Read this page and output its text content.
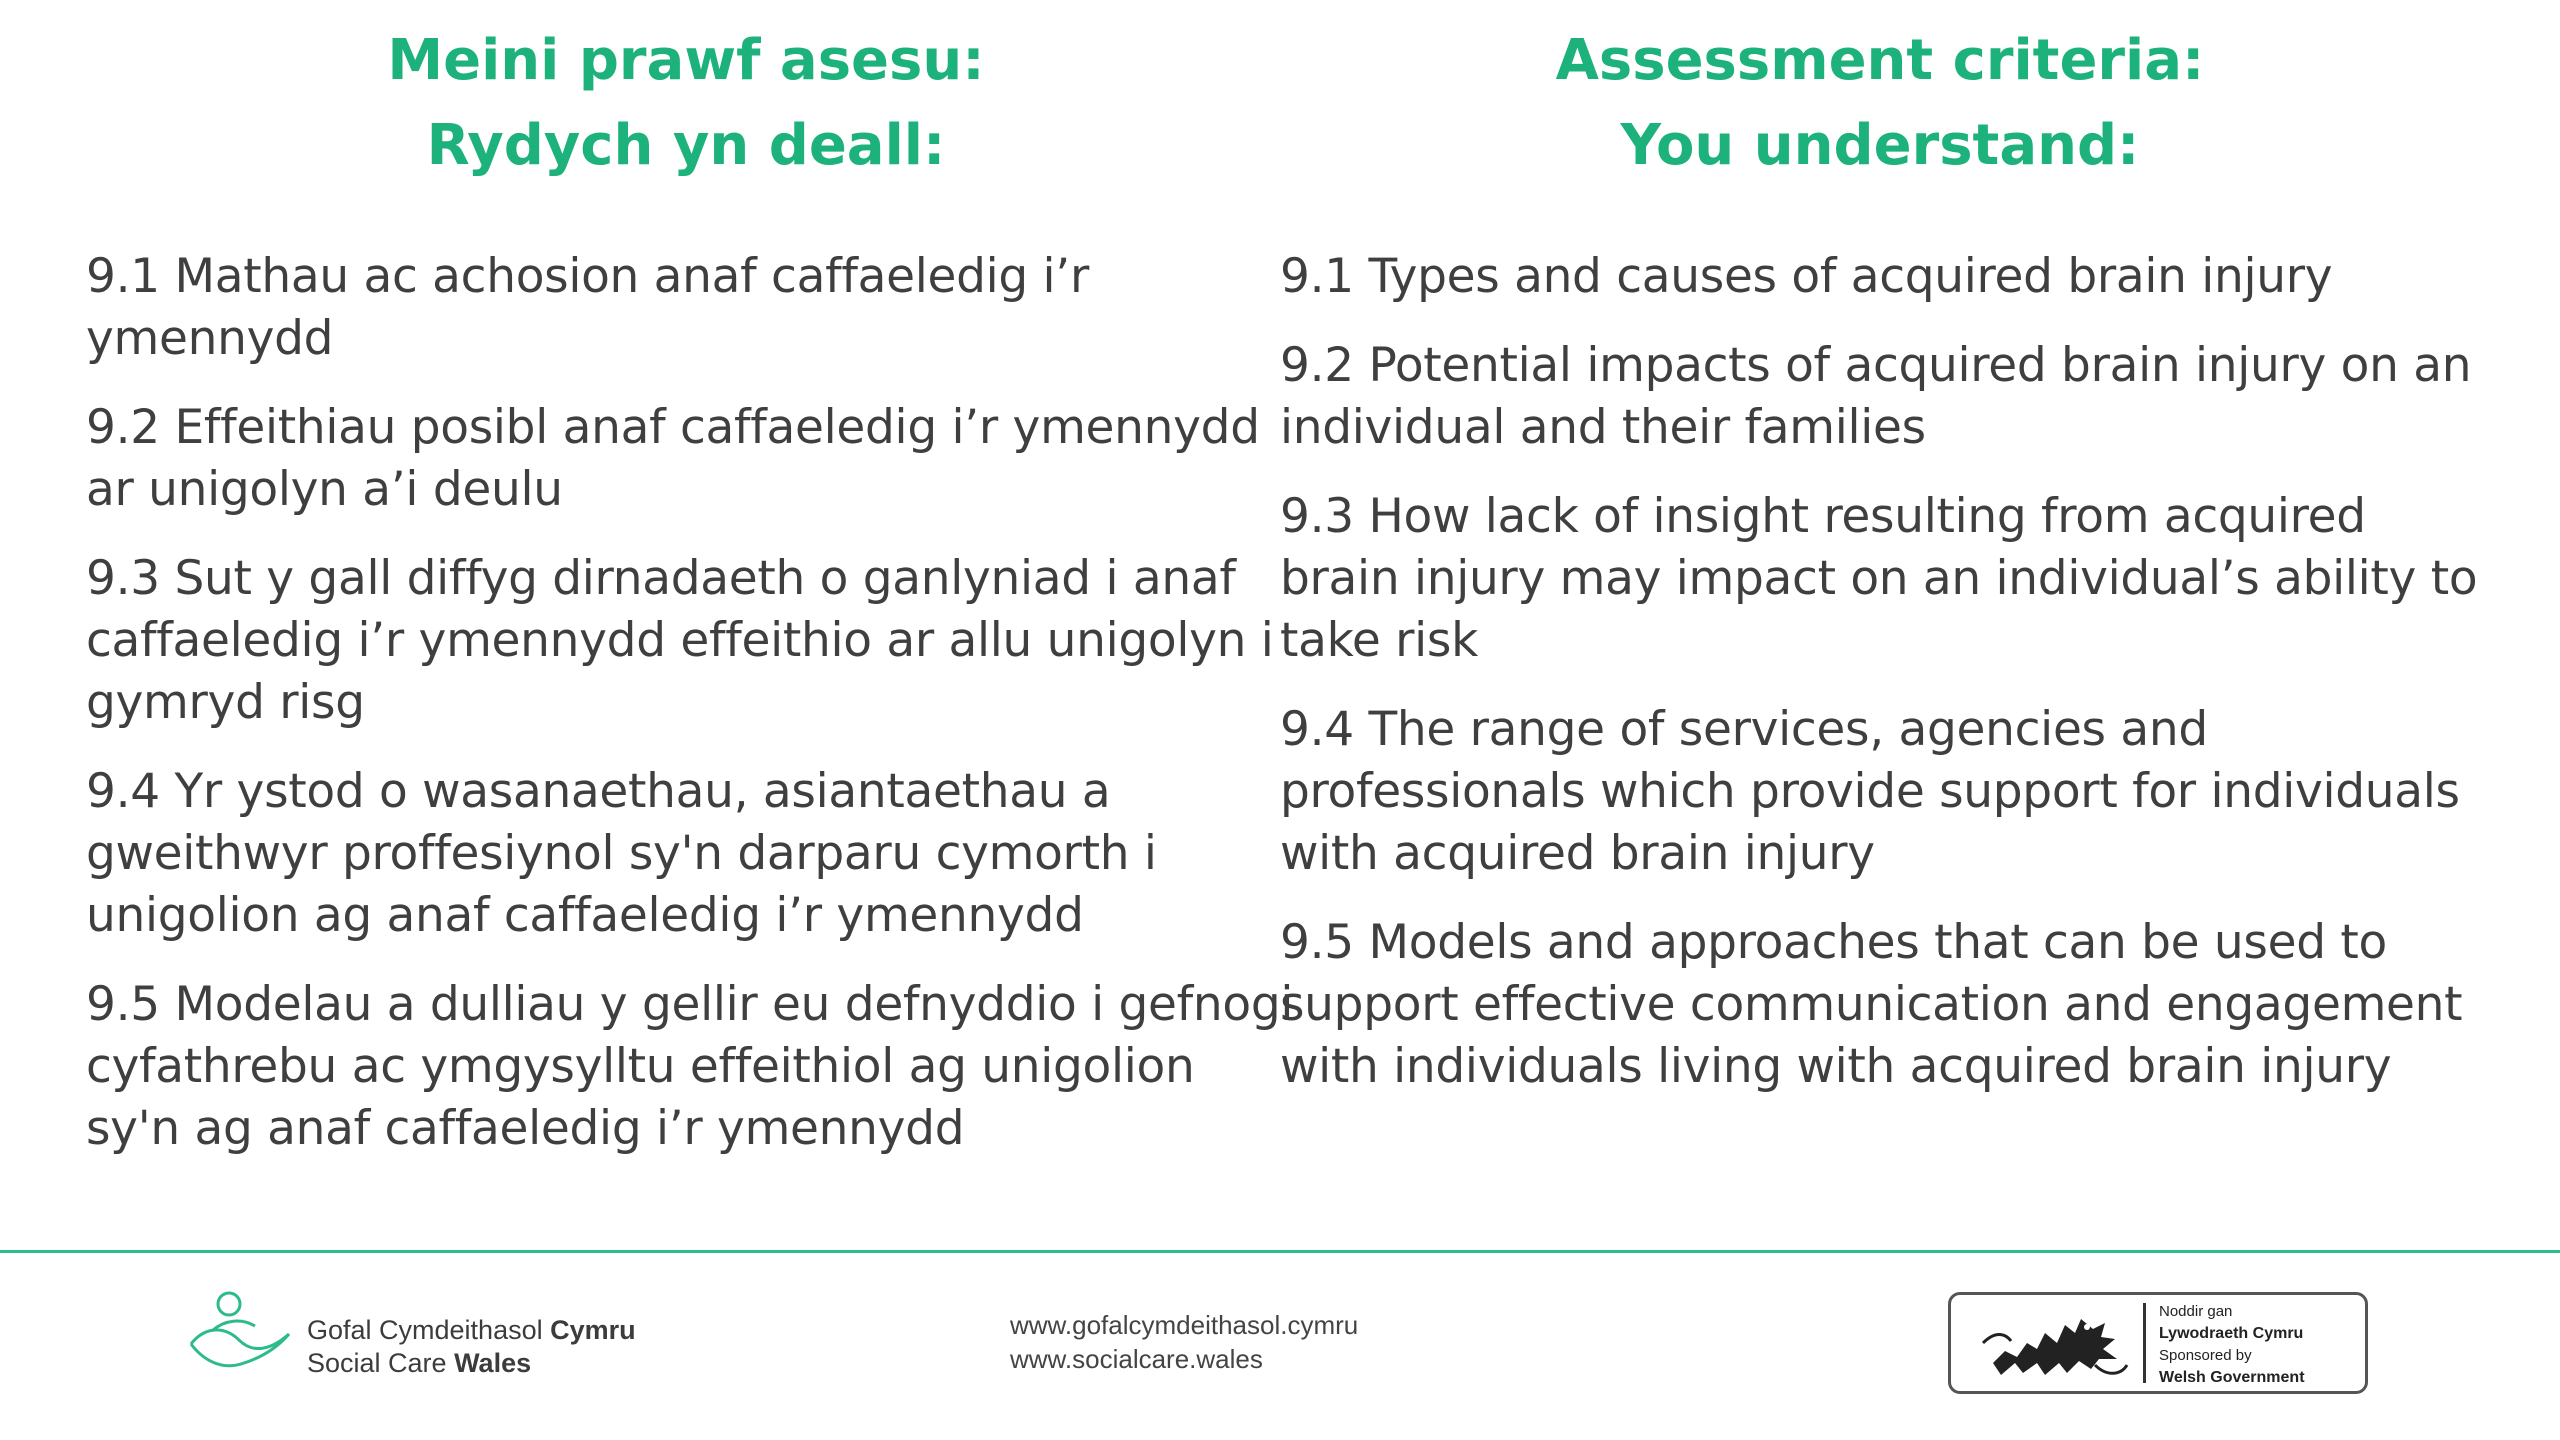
Meini prawf asesu:
Rydych yn deall:

9.1 Mathau ac achosion anaf caffaeledig i’r ymennydd

9.2 Effeithiau posibl anaf caffaeledig i’r ymennydd ar unigolyn a’i deulu

9.3 Sut y gall diffyg dirnadaeth o ganlyniad i anaf caffaeledig i’r ymennydd effeithio ar allu unigolyn i gymryd risg

9.4 Yr ystod o wasanaethau, asiantaethau a gweithwyr proffesiynol sy'n darparu cymorth i unigolion ag anaf caffaeledig i’r ymennydd

9.5 Modelau a dulliau y gellir eu defnyddio i gefnogi cyfathrebu ac ymgysylltu effeithiol ag unigolion sy'n ag anaf caffaeledig i’r ymennydd

Assessment criteria:
You understand:

9.1 Types and causes of acquired brain injury

9.2 Potential impacts of acquired brain injury on an individual and their families

9.3 How lack of insight resulting from acquired brain injury may impact on an individual’s ability to take risk

9.4 The range of services, agencies and professionals which provide support for individuals with acquired brain injury

9.5 Models and approaches that can be used to support effective communication and engagement with individuals living with acquired brain injury

Gofal Cymdeithasol Cymru
Social Care Wales
www.gofalcymdeithasol.cymru
www.socialcare.wales
Noddir gan
Lywodraeth Cymru
Sponsored by
Welsh Government
